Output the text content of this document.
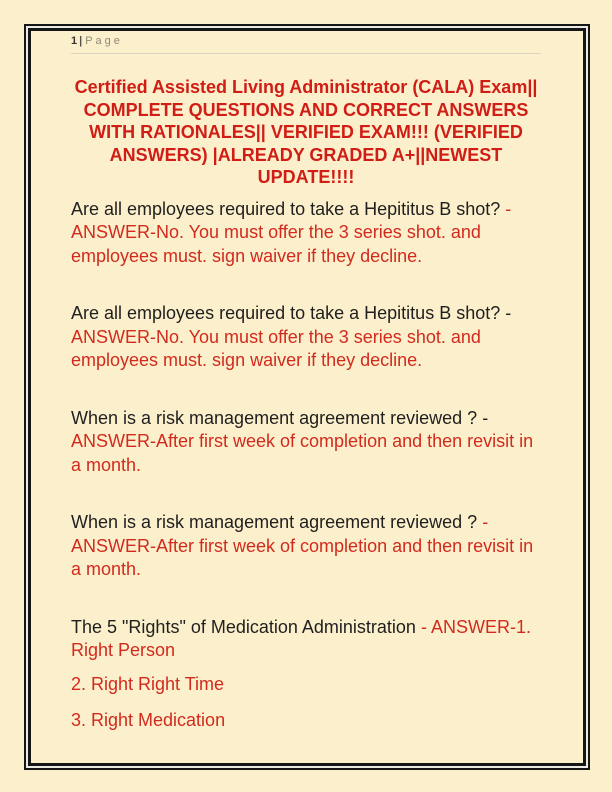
1 | Page
Certified Assisted Living Administrator (CALA) Exam||
COMPLETE QUESTIONS AND CORRECT ANSWERS
WITH RATIONALES|| VERIFIED EXAM!!! (VERIFIED
ANSWERS) |ALREADY GRADED A+||NEWEST
UPDATE!!!!

Are all employees required to take a Hepititus B shot? - ANSWER-No. You must offer the 3 series shot. and employees must. sign waiver if they decline.

Are all employees required to take a Hepititus B shot? - ANSWER-No. You must offer the 3 series shot. and employees must. sign waiver if they decline.

When is a risk management agreement reviewed ? - ANSWER-After first week of completion and then revisit in a month.

When is a risk management agreement reviewed ? - ANSWER-After first week of completion and then revisit in a month.

The 5 "Rights" of Medication Administration - ANSWER-1. Right Person

2. Right Right Time

3. Right Medication
